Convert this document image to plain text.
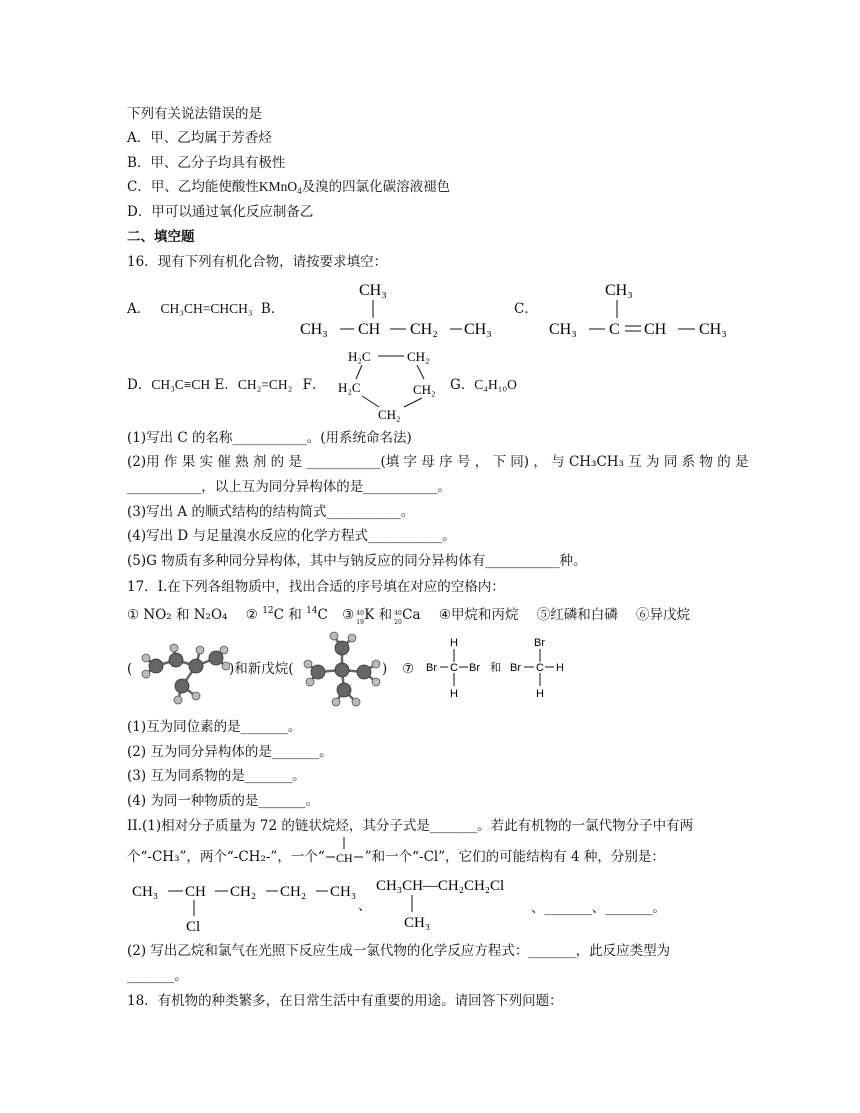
下列有关说法错误的是
A．甲、乙均属于芳香烃
B．甲、乙分子均具有极性
C．甲、乙均能使酸性KMnO$_4$及溴的四氯化碳溶液褪色
D．甲可以通过氧化反应制备乙
二、填空题
16．现有下列有机化合物，请按要求填空：
A． CH₃CH=CHCH₃ B．
CH₃
CH₃ CH CH₂ CH₃
C．
CH₃
CH₃ C CH CH₃
D．CH₃C≡CH E．CH₂=CH₂ F．
H₂C	CH₂
H₂C	CH₂
CH₂
G．C₄H₁₀O
(1)写出 C 的名称___________。(用系统命名法)
(2)用 作 果 实 催 熟 剂 的 是 ___________(填 字 母 序 号 ， 下 同) ， 与 CH₃CH₃ 互 为 同 系 物 的 是
___________，以上互为同分异构体的是___________。
(3)写出 A 的顺式结构的结构简式___________。
(4)写出 D 与足量溴水反应的化学方程式___________。
(5)G 物质有多种同分异构体，其中与钠反应的同分异构体有___________种。
17．I.在下列各组物质中，找出合适的序号填在对应的空格内：
① NO₂ 和 N₂O₄ ② $^{12}$C 和 $^{14}$C ③ 40
19 K 和 40
20 Ca ④甲烷和丙烷 ⑤红磷和白磷 ⑥异戊烷
(	)和新戊烷(	) ⑦
H
Br C Br
H
和
Br
Br C H
H
(1)互为同位素的是_______。
(2) 互为同分异构体的是_______。
(3) 互为同系物的是_______。
(4) 为同一种物质的是_______。
II.(1)相对分子质量为 72 的链状烷烃，其分子式是_______。若此有机物的一氯代物分子中有两
个“-CH₃”，两个“-CH₂-”，一个“ CH ”和一个“-Cl”，它们的可能结构有 4 种，分别是：
CH₃ CH CH₂ CH₂ CH₃
Cl
、
CH₃CH—CH₂CH₂Cl
CH₃
、_______、_______。
(2) 写出乙烷和氯气在光照下反应生成一氯代物的化学反应方程式：_______，此反应类型为
_______。
18．有机物的种类繁多，在日常生活中有重要的用途。请回答下列问题：
